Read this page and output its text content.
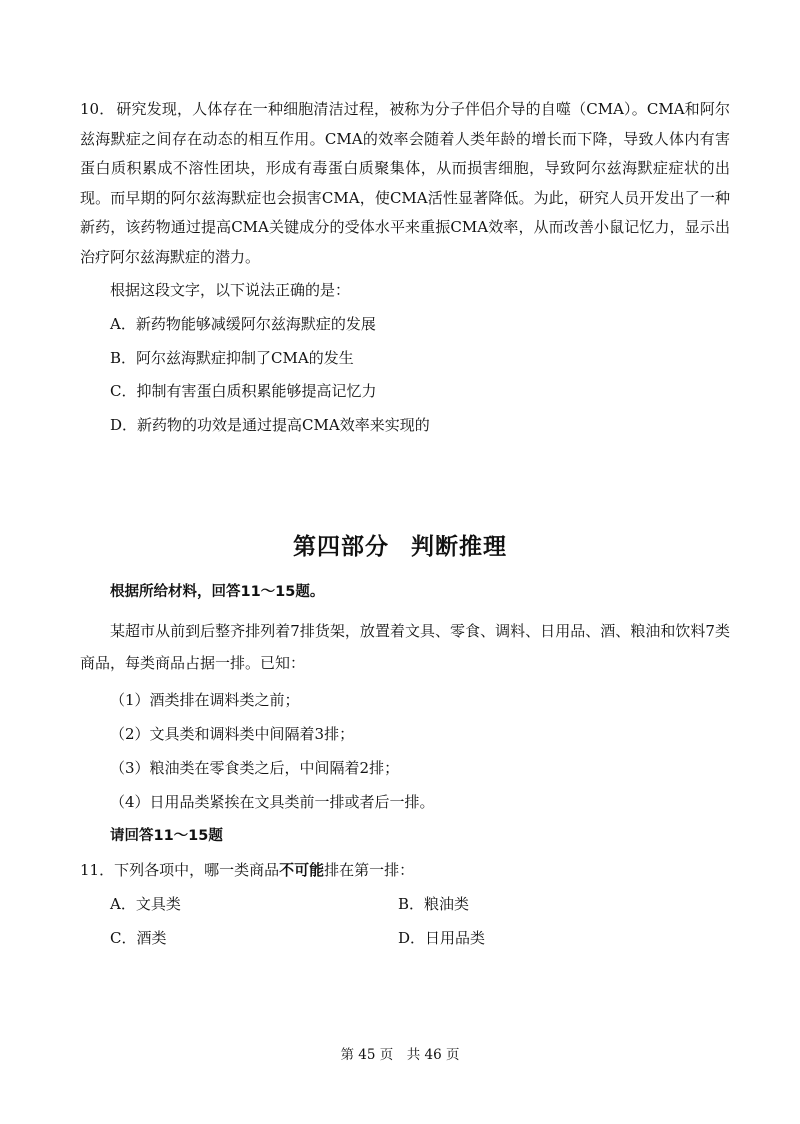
10． 研究发现，人体存在一种细胞清洁过程，被称为分子伴侣介导的自噬（CMA）。CMA和阿尔兹海默症之间存在动态的相互作用。CMA的效率会随着人类年龄的增长而下降，导致人体内有害蛋白质积累成不溶性团块，形成有毒蛋白质聚集体，从而损害细胞，导致阿尔兹海默症症状的出现。而早期的阿尔兹海默症也会损害CMA，使CMA活性显著降低。为此，研究人员开发出了一种新药，该药物通过提高CMA关键成分的受体水平来重振CMA效率，从而改善小鼠记忆力，显示出治疗阿尔兹海默症的潜力。

根据这段文字，以下说法正确的是：

A．新药物能够减缓阿尔兹海默症的发展
B．阿尔兹海默症抑制了CMA的发生
C．抑制有害蛋白质积累能够提高记忆力
D．新药物的功效是通过提高CMA效率来实现的
第四部分 判断推理

根据所给材料，回答11～15题。

某超市从前到后整齐排列着7排货架，放置着文具、零食、调料、日用品、酒、粮油和饮料7类商品，每类商品占据一排。已知：

（1）酒类排在调料类之前；
（2）文具类和调料类中间隔着3排；
（3）粮油类在零食类之后，中间隔着2排；
（4）日用品类紧挨在文具类前一排或者后一排。

请回答11～15题

11．下列各项中，哪一类商品不可能排在第一排：

A．文具类	B．粮油类
C．酒类	D．日用品类

第 45 页　共 46 页
